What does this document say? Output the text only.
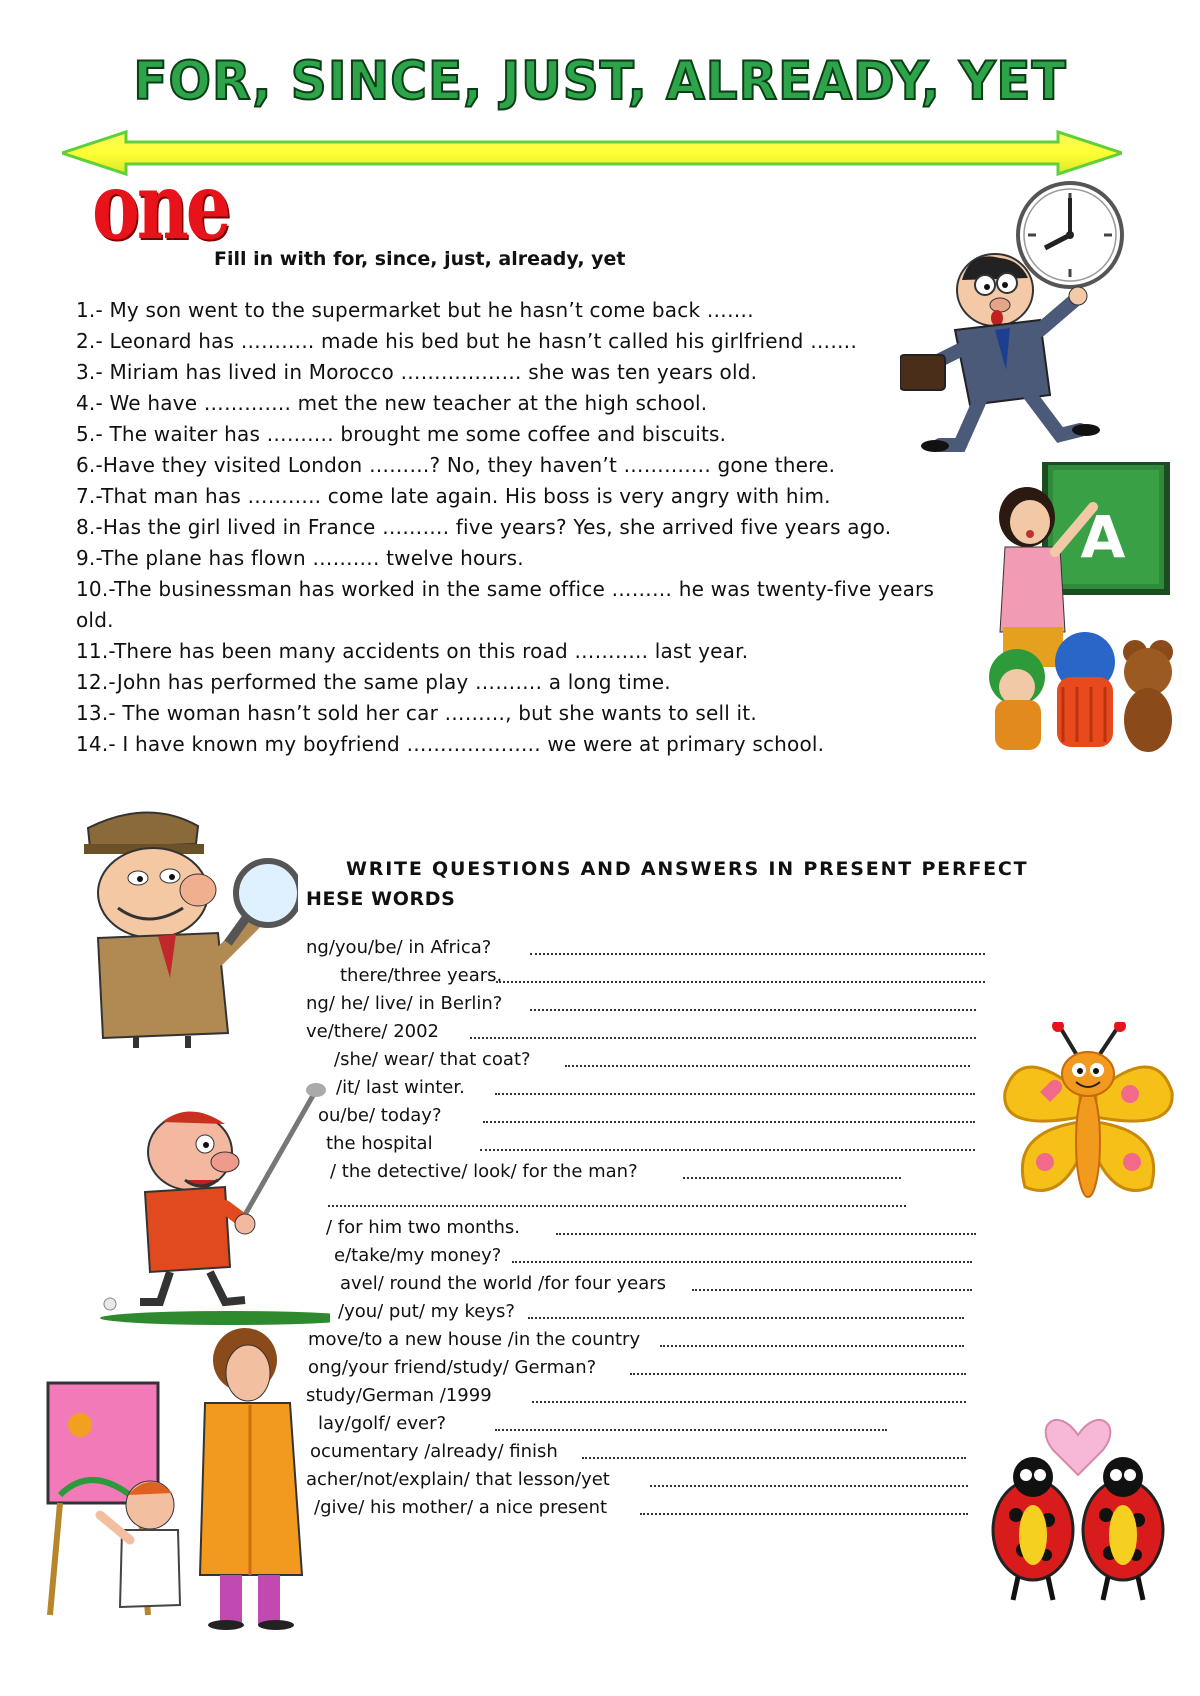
FOR, SINCE, JUST, ALREADY, YET
one
Fill in with for, since, just, already, yet
1.- My son went to the supermarket but he hasn’t come back …….
2.- Leonard has ……….. made his bed but he hasn’t called his girlfriend …….
3.- Miriam has lived in Morocco ……………… she was ten years old.
4.- We have …………. met the new teacher at the high school.
5.- The waiter has ………. brought me some coffee and biscuits.
6.-Have they visited London ………? No, they haven’t …………. gone there.
7.-That man has ……….. come late again. His boss is very angry with him.
8.-Has the girl lived in France ………. five years? Yes, she arrived five years ago.
9.-The plane has flown ………. twelve hours.
10.-The businessman has worked in the same office ……… he was twenty-five years
old.
11.-There has been many accidents on this road ……….. last year.
12.-John has performed the same play ………. a long time.
13.- The woman hasn’t sold her car ………, but she wants to sell it.
14.- I have known my boyfriend ……………….. we were at primary school.
A
WRITE QUESTIONS AND ANSWERS IN PRESENT PERFECT
HESE WORDS
ng/you/be/ in Africa?
there/three years.
ng/ he/ live/ in Berlin?
ve/there/ 2002
/she/ wear/ that coat?
/it/ last winter.
ou/be/ today?
the hospital
/ the detective/ look/ for the man?
/ for him two months.
e/take/my money?
avel/ round the world /for four years
/you/ put/ my keys?
move/to a new house /in the country
ong/your friend/study/ German?
study/German /1999
lay/golf/ ever?
ocumentary /already/ finish
acher/not/explain/ that lesson/yet
/give/ his mother/ a nice present
